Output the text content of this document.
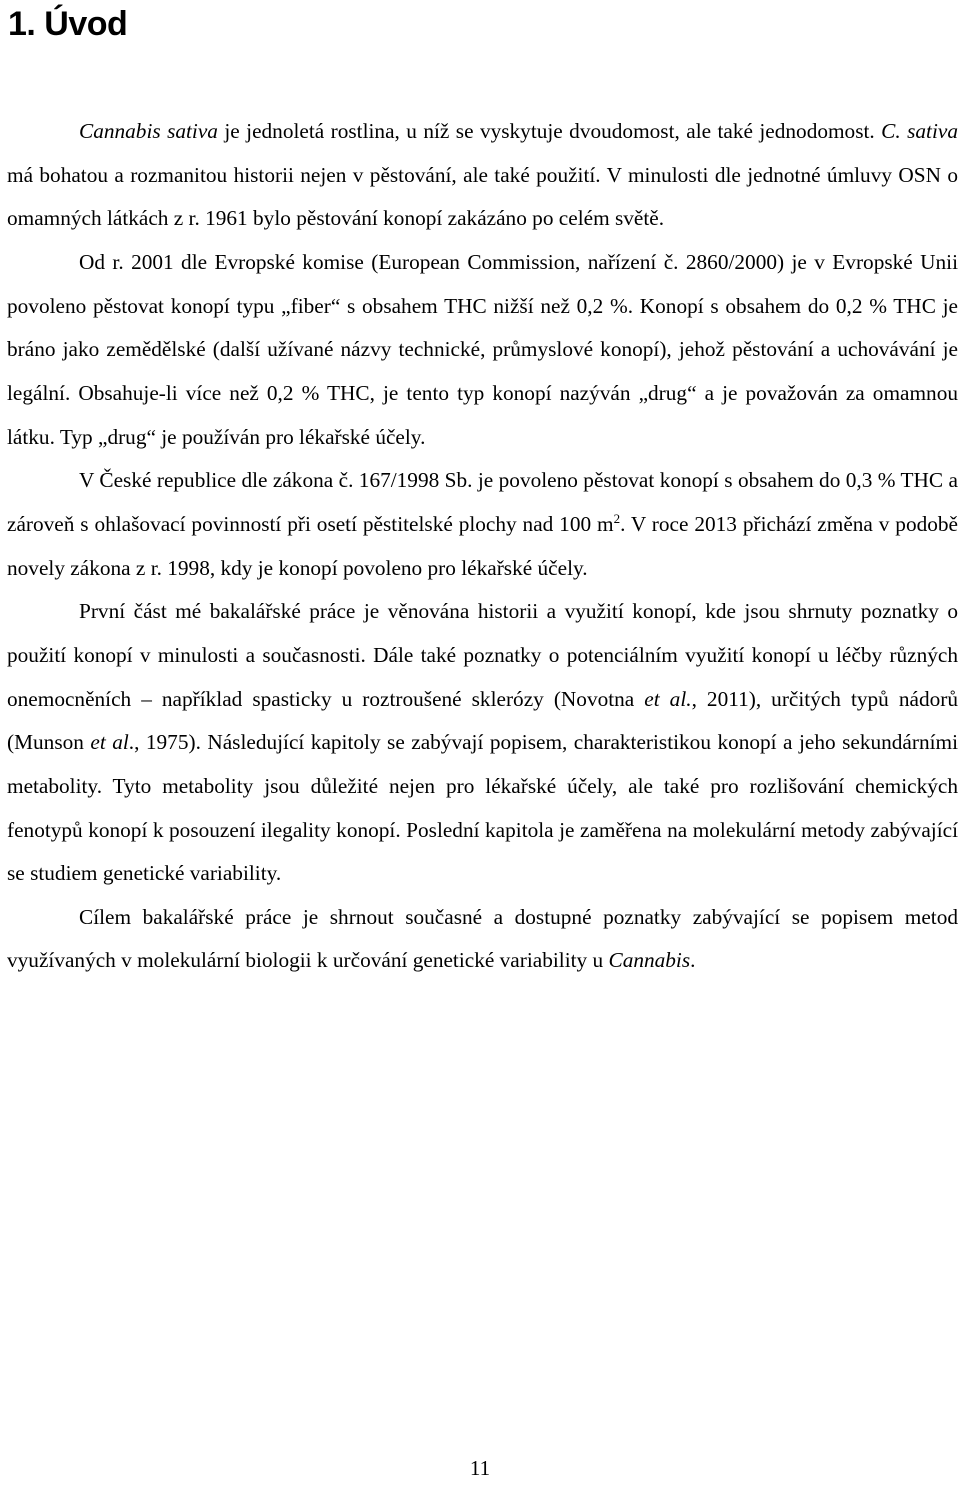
1. Úvod

Cannabis sativa je jednoletá rostlina, u níž se vyskytuje dvoudomost, ale také jednodomost. C. sativa má bohatou a rozmanitou historii nejen v pěstování, ale také použití. V minulosti dle jednotné úmluvy OSN o omamných látkách z r. 1961 bylo pěstování konopí zakázáno po celém světě.

Od r. 2001 dle Evropské komise (European Commission, nařízení č. 2860/2000) je v Evropské Unii povoleno pěstovat konopí typu „fiber“ s obsahem THC nižší než 0,2 %. Konopí s obsahem do 0,2 % THC je bráno jako zemědělské (další užívané názvy technické, průmyslové konopí), jehož pěstování a uchovávání je legální. Obsahuje-li více než 0,2 % THC, je tento typ konopí nazýván „drug“ a je považován za omamnou látku. Typ „drug“ je používán pro lékařské účely.

V České republice dle zákona č. 167/1998 Sb. je povoleno pěstovat konopí s obsahem do 0,3 % THC a zároveň s ohlašovací povinností při osetí pěstitelské plochy nad 100 $m^2$. V roce 2013 přichází změna v podobě novely zákona z r. 1998, kdy je konopí povoleno pro lékařské účely.

První část mé bakalářské práce je věnována historii a využití konopí, kde jsou shrnuty poznatky o použití konopí v minulosti a současnosti. Dále také poznatky o potenciálním využití konopí u léčby různých onemocněních – například spasticky u roztroušené sklerózy (Novotna et al., 2011), určitých typů nádorů (Munson et al., 1975). Následující kapitoly se zabývají popisem, charakteristikou konopí a jeho sekundárními metabolity. Tyto metabolity jsou důležité nejen pro lékařské účely, ale také pro rozlišování chemických fenotypů konopí k posouzení ilegality konopí. Poslední kapitola je zaměřena na molekulární metody zabývající se studiem genetické variability.

Cílem bakalářské práce je shrnout současné a dostupné poznatky zabývající se popisem metod využívaných v molekulární biologii k určování genetické variability u Cannabis.

11
